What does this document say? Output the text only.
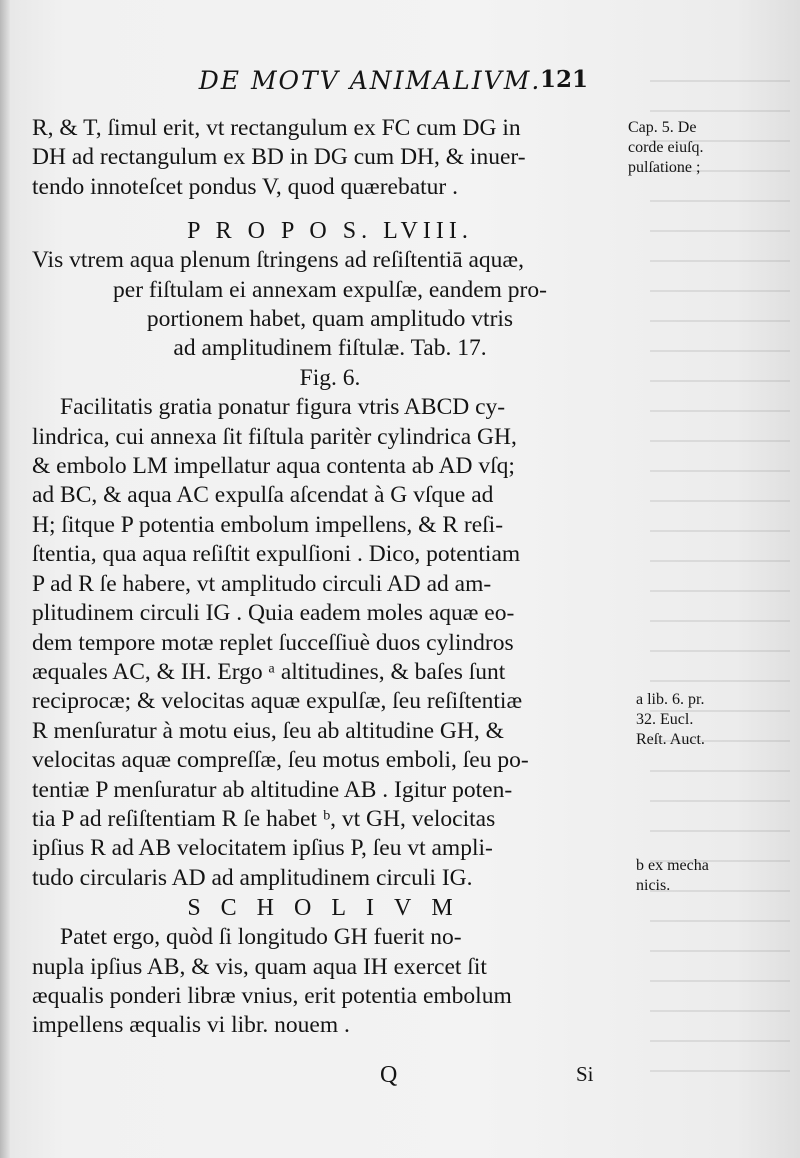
DE MOTV ANIMALIVM.
121
R, & T, ſimul erit, vt rectangulum ex FC cum DG in
DH ad rectangulum ex BD in DG cum DH, & inuer-
tendo innoteſcet pondus V, quod quærebatur .
P R O P O S. LVIII.
Vis vtrem aqua plenum ſtringens ad reſiſtentiā aquæ,
per fiſtulam ei annexam expulſæ, eandem pro-
portionem habet, quam amplitudo vtris
ad amplitudinem fiſtulæ. Tab. 17.
Fig. 6.
Facilitatis gratia ponatur figura vtris ABCD cy-
lindrica, cui annexa ſit fiſtula paritèr cylindrica GH,
& embolo LM impellatur aqua contenta ab AD vſq;
ad BC, & aqua AC expulſa aſcendat à G vſque ad
H; ſitque P potentia embolum impellens, & R reſi-
ſtentia, qua aqua reſiſtit expulſioni . Dico, potentiam
P ad R ſe habere, vt amplitudo circuli AD ad am-
plitudinem circuli IG . Quia eadem moles aquæ eo-
dem tempore motæ replet ſucceſſiuè duos cylindros
æquales AC, & IH. Ergo ᵃ altitudines, & baſes ſunt
reciprocæ; & velocitas aquæ expulſæ, ſeu reſiſtentiæ
R menſuratur à motu eius, ſeu ab altitudine GH, &
velocitas aquæ compreſſæ, ſeu motus emboli, ſeu po-
tentiæ P menſuratur ab altitudine AB . Igitur poten-
tia P ad reſiſtentiam R ſe habet ᵇ, vt GH, velocitas
ipſius R ad AB velocitatem ipſius P, ſeu vt ampli-
tudo circularis AD ad amplitudinem circuli IG.
SCHOLIVM
Patet ergo, quòd ſi longitudo GH fuerit no-
nupla ipſius AB, & vis, quam aqua IH exercet ſit
æqualis ponderi libræ vnius, erit potentia embolum
impellens æqualis vi libr. nouem .
Cap. 5. De
corde eiuſq.
pulſatione ;
a lib. 6. pr.
32. Eucl.
Reſt. Auct.
b ex mecha
nicis.
Q	Si
